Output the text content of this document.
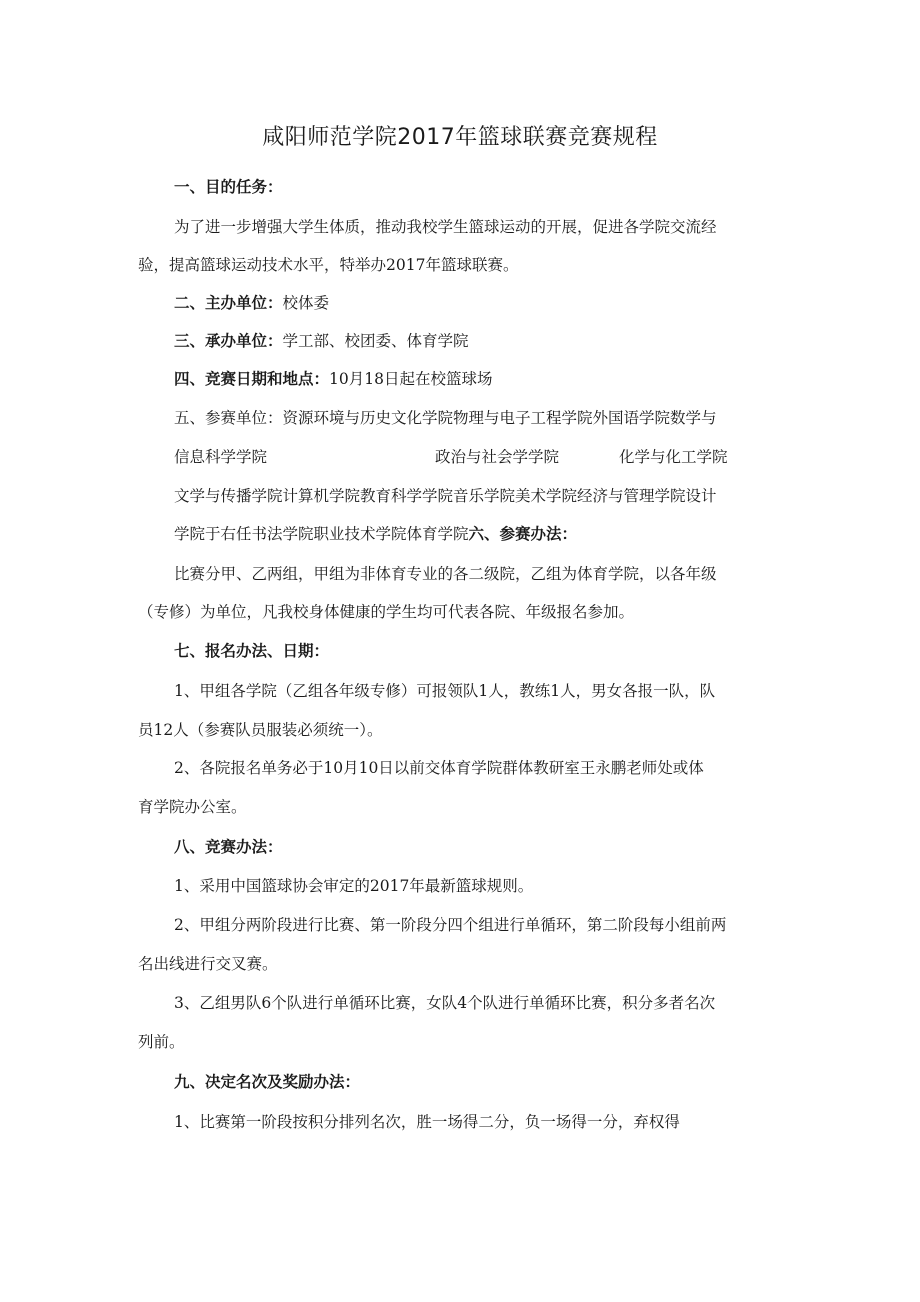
咸阳师范学院2017年篮球联赛竞赛规程

一、目的任务：

为了进一步增强大学生体质，推动我校学生篮球运动的开展，促进各学院交流经

验，提高篮球运动技术水平，特举办2017年篮球联赛。

二、主办单位：校体委

三、承办单位：学工部、校团委、体育学院

四、竞赛日期和地点：10月18日起在校篮球场

五、参赛单位：资源环境与历史文化学院物理与电子工程学院外国语学院数学与

信息科学学院	政治与社会学学院	化学与化工学院

文学与传播学院计算机学院教育科学学院音乐学院美术学院经济与管理学院设计

学院于右任书法学院职业技术学院体育学院六、参赛办法：

比赛分甲、乙两组，甲组为非体育专业的各二级院，乙组为体育学院，以各年级

（专修）为单位，凡我校身体健康的学生均可代表各院、年级报名参加。

七、报名办法、日期：

1、甲组各学院（乙组各年级专修）可报领队1人，教练1人，男女各报一队，队

员12人（参赛队员服装必须统一）。

2、各院报名单务必于10月10日以前交体育学院群体教研室王永鹏老师处或体

育学院办公室。

八、竞赛办法：

1、采用中国篮球协会审定的2017年最新篮球规则。

2、甲组分两阶段进行比赛、第一阶段分四个组进行单循环，第二阶段每小组前两

名出线进行交叉赛。

3、乙组男队6个队进行单循环比赛，女队4个队进行单循环比赛，积分多者名次

列前。

九、决定名次及奖励办法：

1、比赛第一阶段按积分排列名次，胜一场得二分，负一场得一分，弃权得
